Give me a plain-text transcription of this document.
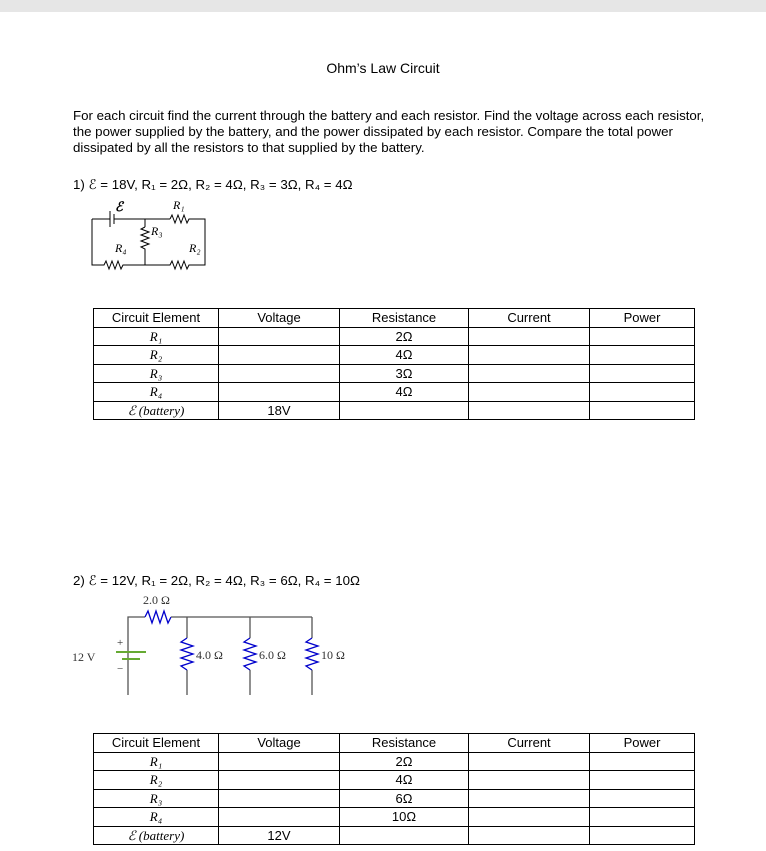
Ohm’s Law Circuit
For each circuit find the current through the battery and each resistor. Find the voltage across each resistor, the power supplied by the battery, and the power dissipated by each resistor. Compare the total power dissipated by all the resistors to that supplied by the battery.
1) ℰ = 18V, R₁ = 2Ω, R₂ = 4Ω, R₃ = 3Ω, R₄ = 4Ω
ℰ	R₁
R₃
R₄	R₂
Circuit Element	Voltage	Resistance	Current	Power
R₁		2Ω		
R₂		4Ω		
R₃		3Ω		
R₄		4Ω		
ℰ (battery)	18V			
2) ℰ = 12V, R₁ = 2Ω, R₂ = 4Ω, R₃ = 6Ω, R₄ = 10Ω
2.0 Ω
12 V
+
−
4.0 Ω	6.0 Ω	10 Ω
Circuit Element	Voltage	Resistance	Current	Power
R₁		2Ω		
R₂		4Ω		
R₃		6Ω		
R₄		10Ω		
ℰ (battery)	12V			
